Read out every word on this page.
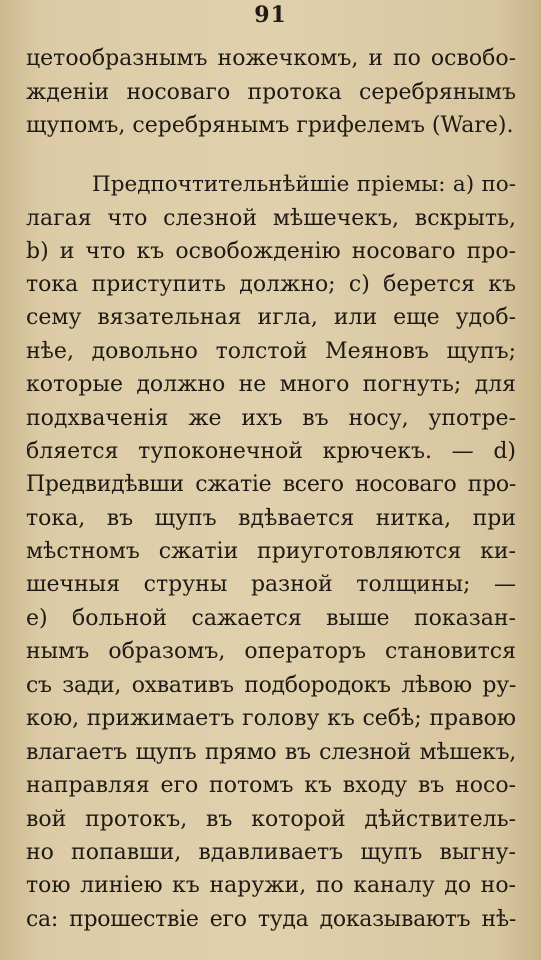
91
цетообразнымъ ножечкомъ, и по освобо-
жденіи носоваго протока серебрянымъ
щупомъ, серебрянымъ грифелемъ (Ware).
Предпочтительнѣйшіе пріемы: а) по-
лагая что слезной мѣшечекъ, вскрыть,
b) и что къ освобожденію носоваго про-
тока приступить должно; с) берется къ
сему вязательная игла, или еще удоб-
нѣе, довольно толстой Меяновъ щупъ;
которые должно не много погнуть; для
подхваченія же ихъ въ носу, употре-
бляется тупоконечной крючекъ. — d)
Предвидѣвши сжатіе всего носоваго про-
тока, въ щупъ вдѣвается нитка, при
мѣстномъ сжатіи приуготовляются ки-
шечныя струны разной толщины; —
е) больной сажается выше показан-
нымъ образомъ, операторъ становится
съ зади, охвативъ подбородокъ лѣвою ру-
кою, прижимаетъ голову къ себѣ; правою
влагаетъ щупъ прямо въ слезной мѣшекъ,
направляя его потомъ къ входу въ носо-
вой протокъ, въ которой дѣйствитель-
но попавши, вдавливаетъ щупъ выгну-
тою линіею къ наружи, по каналу до но-
са: прошествіе его туда доказываютъ нѣ-
